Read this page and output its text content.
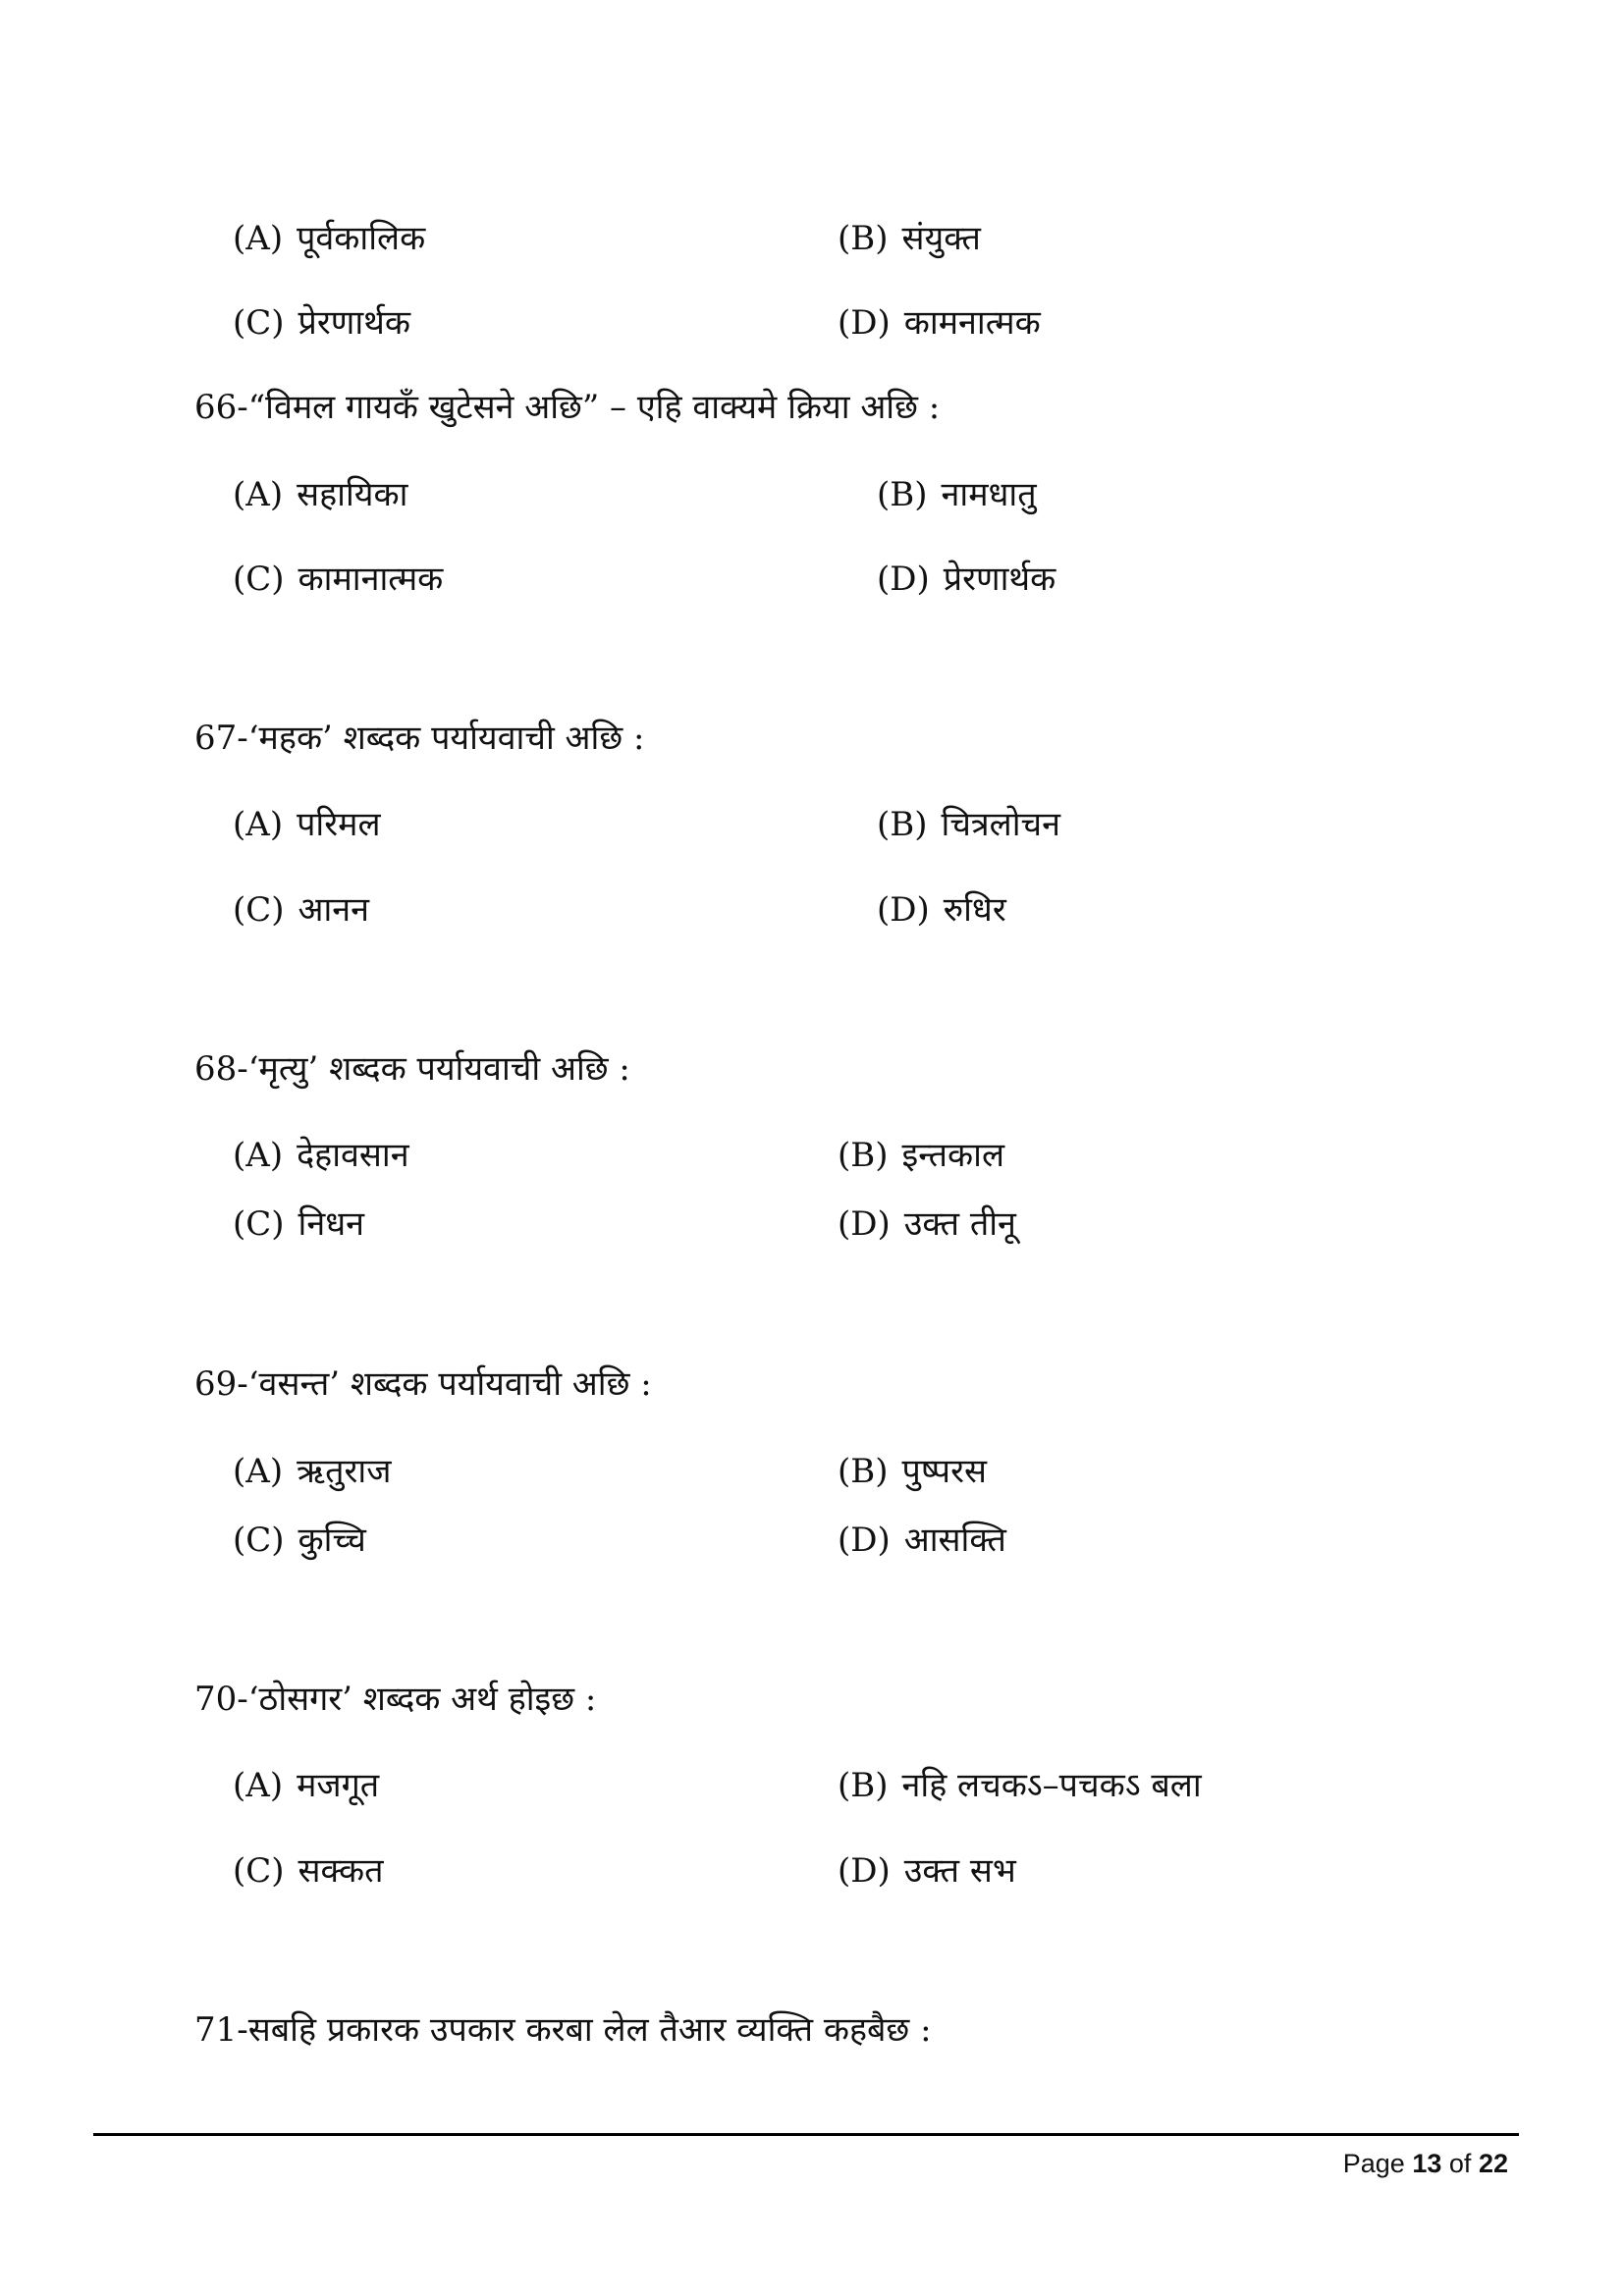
(A) पूर्वकालिक	(B) संयुक्त
(C) प्रेरणार्थक	(D) कामनात्मक
66-“विमल गायकँ खुटेसने अछि” – एहि वाक्यमे क्रिया अछि :
(A) सहायिका	(B) नामधातु
(C) कामानात्मक	(D) प्रेरणार्थक
67-‘महक’ शब्दक पर्यायवाची अछि :
(A) परिमल	(B) चित्रलोचन
(C) आनन	(D) रुधिर
68-‘मृत्यु’ शब्दक पर्यायवाची अछि :
(A) देहावसान	(B) इन्तकाल
(C) निधन	(D) उक्त तीनू
69-‘वसन्त’ शब्दक पर्यायवाची अछि :
(A) ऋतुराज	(B) पुष्परस
(C) कुच्चि	(D) आसक्ति
70-‘ठोसगर’ शब्दक अर्थ होइछ :
(A) मजगूत	(B) नहि लचकऽ–पचकऽ बला
(C) सक्कत	(D) उक्त सभ
71-सबहि प्रकारक उपकार करबा लेल तैआर व्यक्ति कहबैछ :
Page 13 of 22
